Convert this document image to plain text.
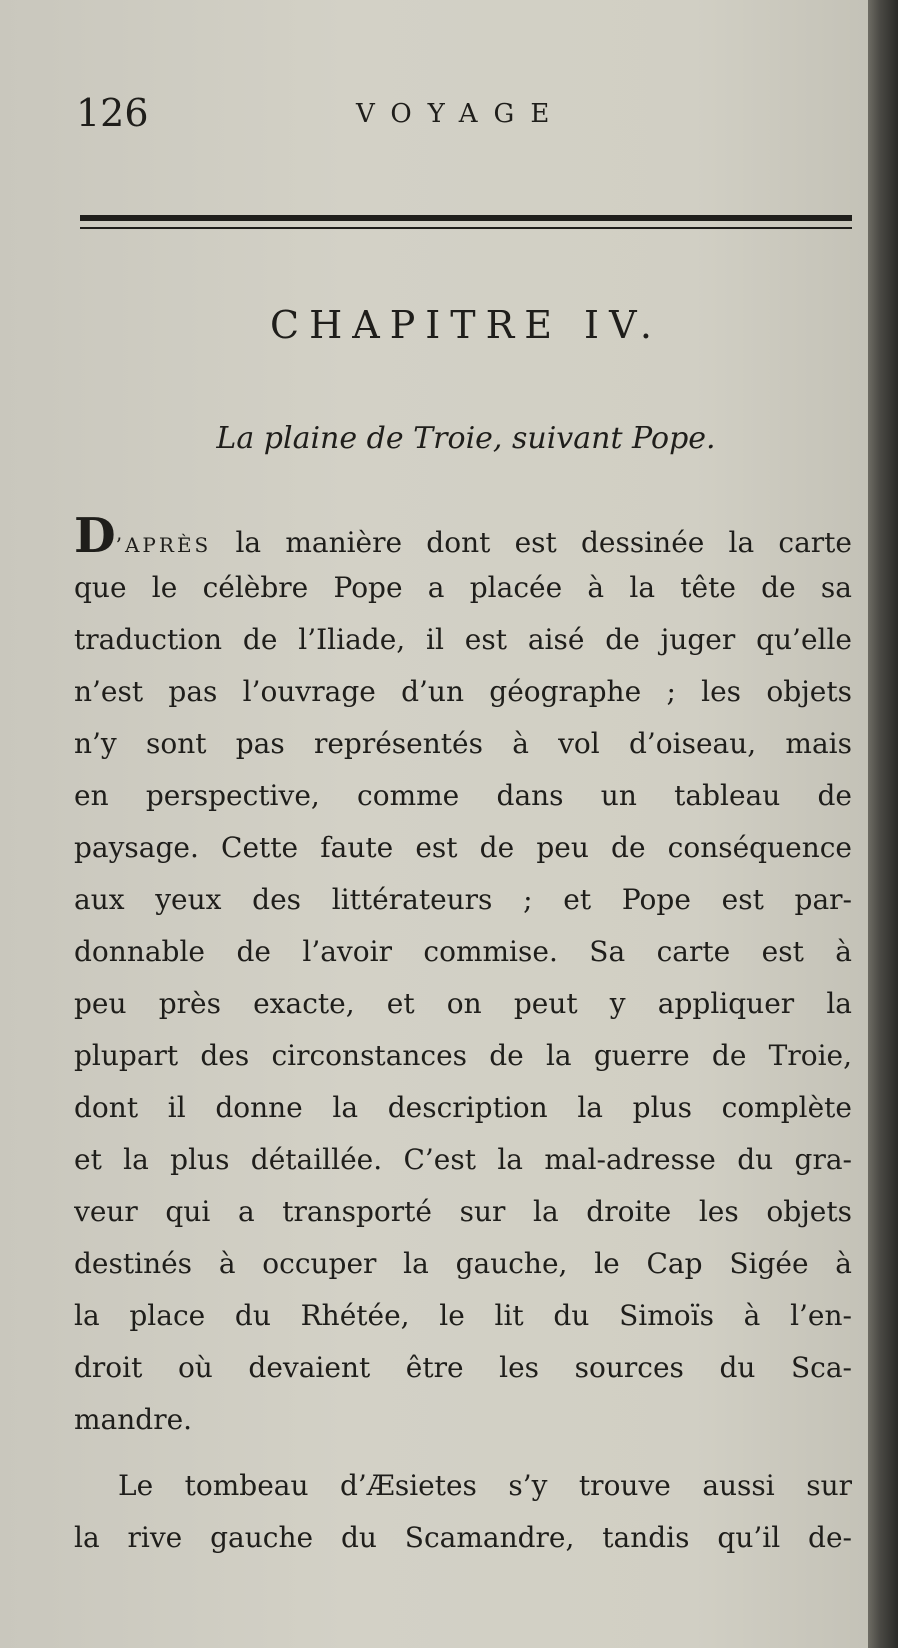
126	VOYAGE
CHAPITRE IV.
La plaine de Troie, suivant Pope.
D’APRÈS la manière dont est dessinée la carte
que le célèbre Pope a placée à la tête de sa
traduction de l’Iliade, il est aisé de juger qu’elle
n’est pas l’ouvrage d’un géographe ; les objets
n’y sont pas représentés à vol d’oiseau, mais
en perspective, comme dans un tableau de
paysage. Cette faute est de peu de conséquence
aux yeux des littérateurs ; et Pope est par-
donnable de l’avoir commise. Sa carte est à
peu près exacte, et on peut y appliquer la
plupart des circonstances de la guerre de Troie,
dont il donne la description la plus complète
et la plus détaillée. C’est la mal-adresse du gra-
veur qui a transporté sur la droite les objets
destinés à occuper la gauche, le Cap Sigée à
la place du Rhétée, le lit du Simoïs à l’en-
droit où devaient être les sources du Sca-
mandre.
Le tombeau d’Æsietes s’y trouve aussi sur
la rive gauche du Scamandre, tandis qu’il de-
